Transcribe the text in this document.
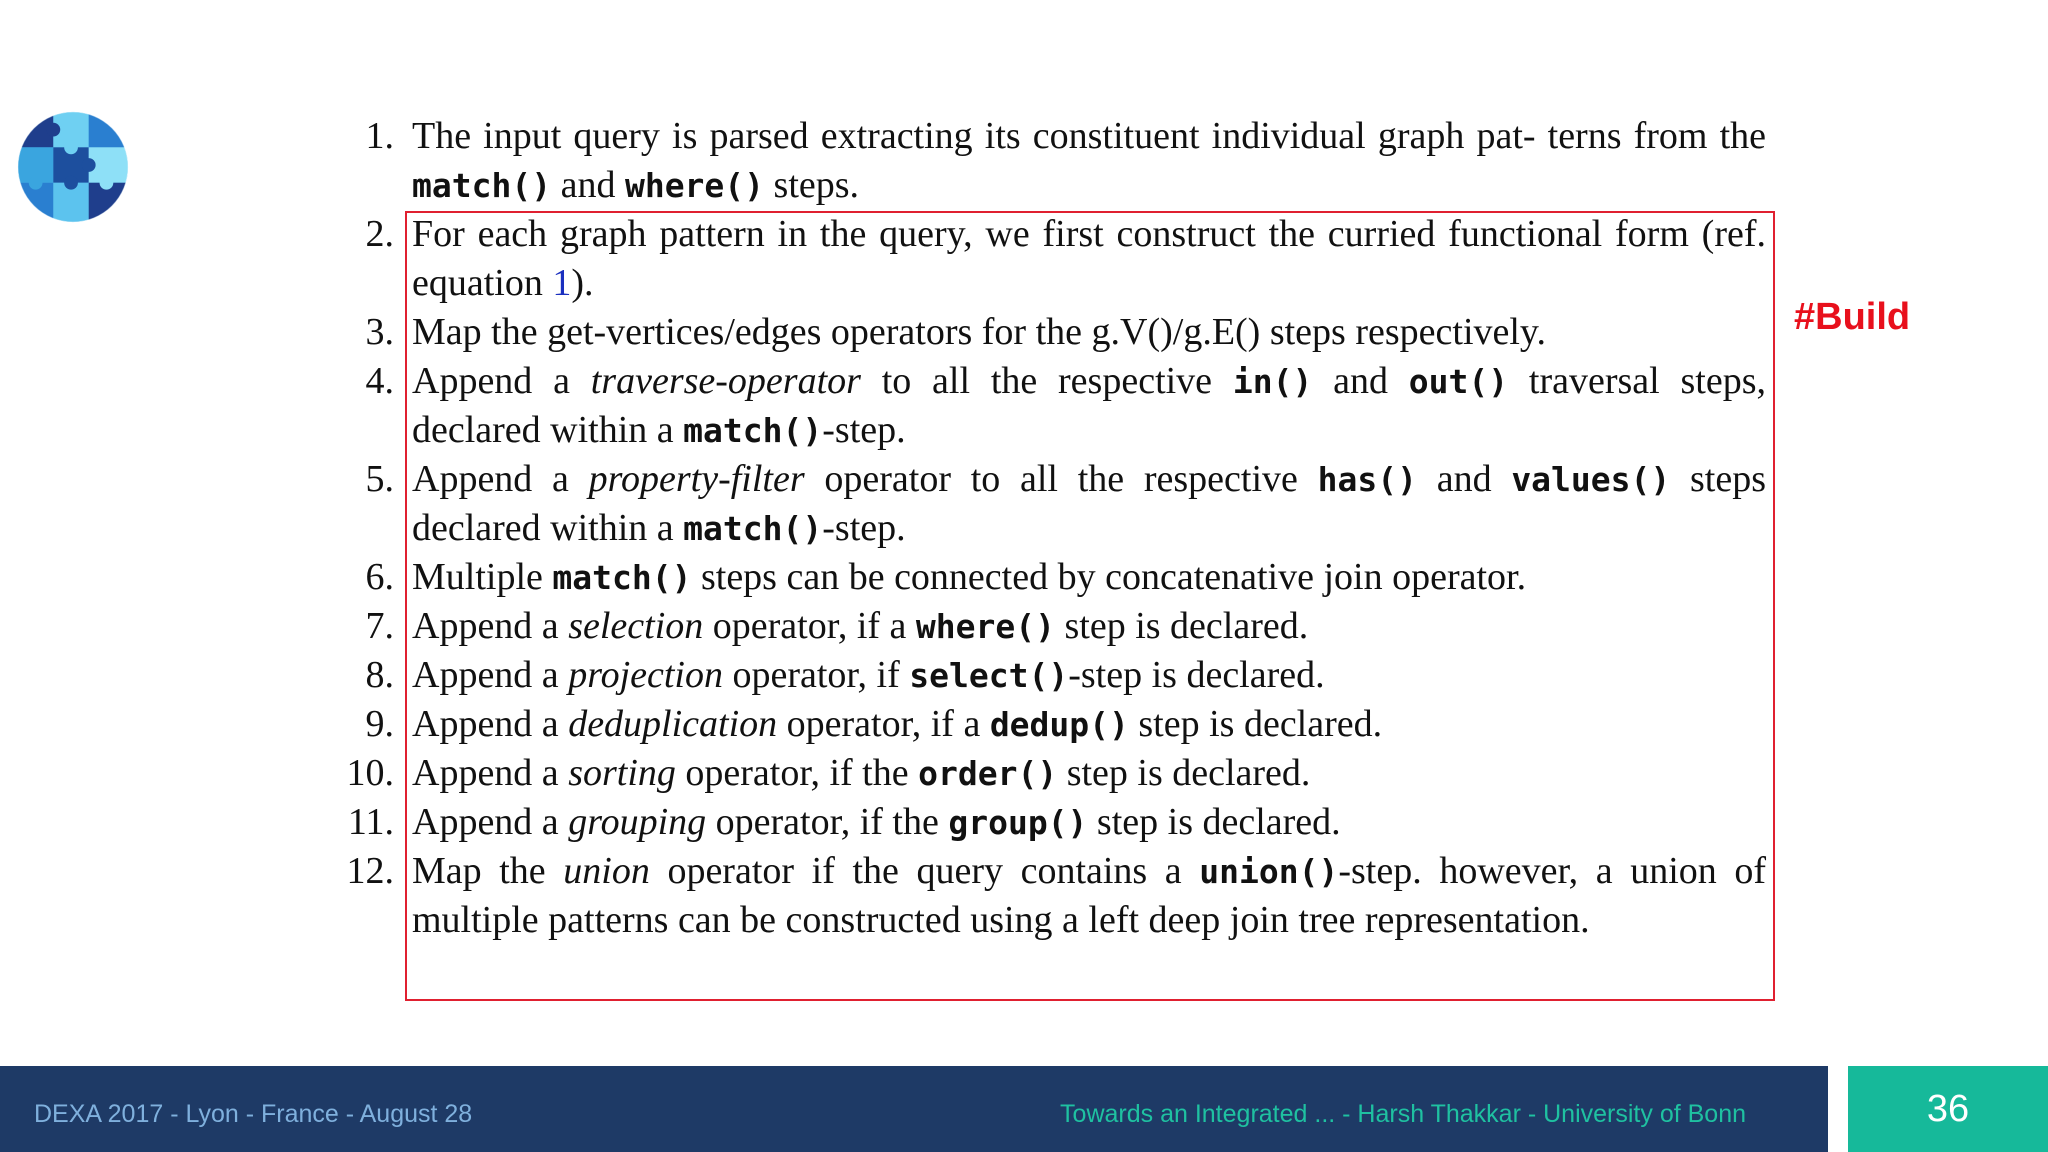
#Build
1. The input query is parsed extracting its constituent individual graph pat- terns from the match() and where() steps.
2. For each graph pattern in the query, we first construct the curried functional form (ref. equation 1).
3. Map the get-vertices/edges operators for the g.V()/g.E() steps respectively.
4. Append a traverse-operator to all the respective in() and out() traversal steps, declared within a match()-step.
5. Append a property-filter operator to all the respective has() and values() steps declared within a match()-step.
6. Multiple match() steps can be connected by concatenative join operator.
7. Append a selection operator, if a where() step is declared.
8. Append a projection operator, if select()-step is declared.
9. Append a deduplication operator, if a dedup() step is declared.
10. Append a sorting operator, if the order() step is declared.
11. Append a grouping operator, if the group() step is declared.
12. Map the union operator if the query contains a union()-step. however, a union of multiple patterns can be constructed using a left deep join tree representation.
DEXA 2017 - Lyon - France - August 28	Towards an Integrated ... - Harsh Thakkar - University of Bonn	36
